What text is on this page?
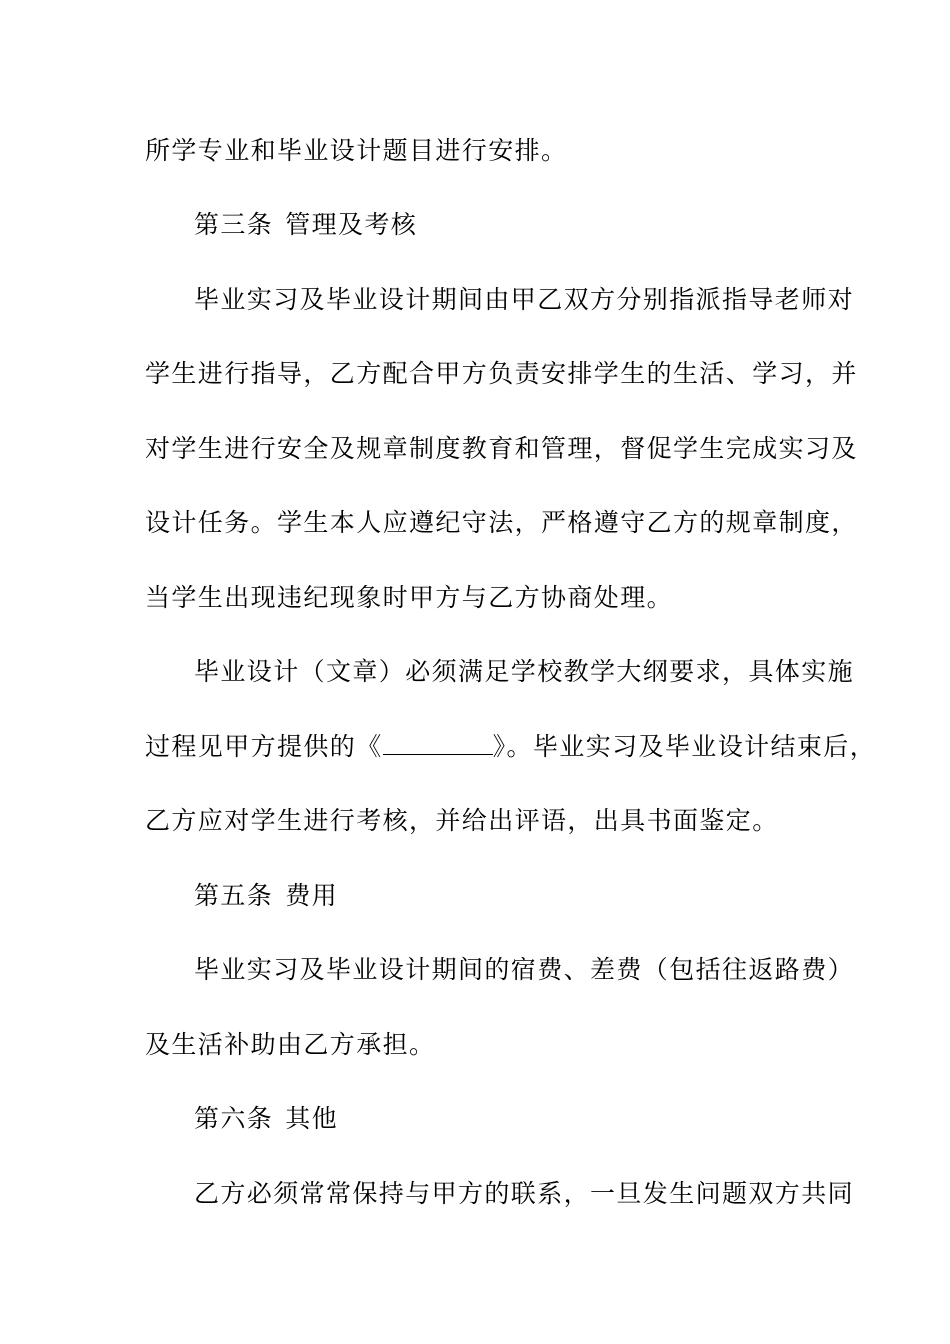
所学专业和毕业设计题目进行安排。
第三条 管理及考核
毕业实习及毕业设计期间由甲乙双方分别指派指导老师对
学生进行指导，乙方配合甲方负责安排学生的生活、学习，并
对学生进行安全及规章制度教育和管理，督促学生完成实习及
设计任务。学生本人应遵纪守法，严格遵守乙方的规章制度，
当学生出现违纪现象时甲方与乙方协商处理。
毕业设计（文章）必须满足学校教学大纲要求，具体实施
过程见甲方提供的《	》。毕业实习及毕业设计结束后，
乙方应对学生进行考核，并给出评语，出具书面鉴定。
第五条 费用
毕业实习及毕业设计期间的宿费、差费（包括往返路费）
及生活补助由乙方承担。
第六条 其他
乙方必须常常保持与甲方的联系，一旦发生问题双方共同
